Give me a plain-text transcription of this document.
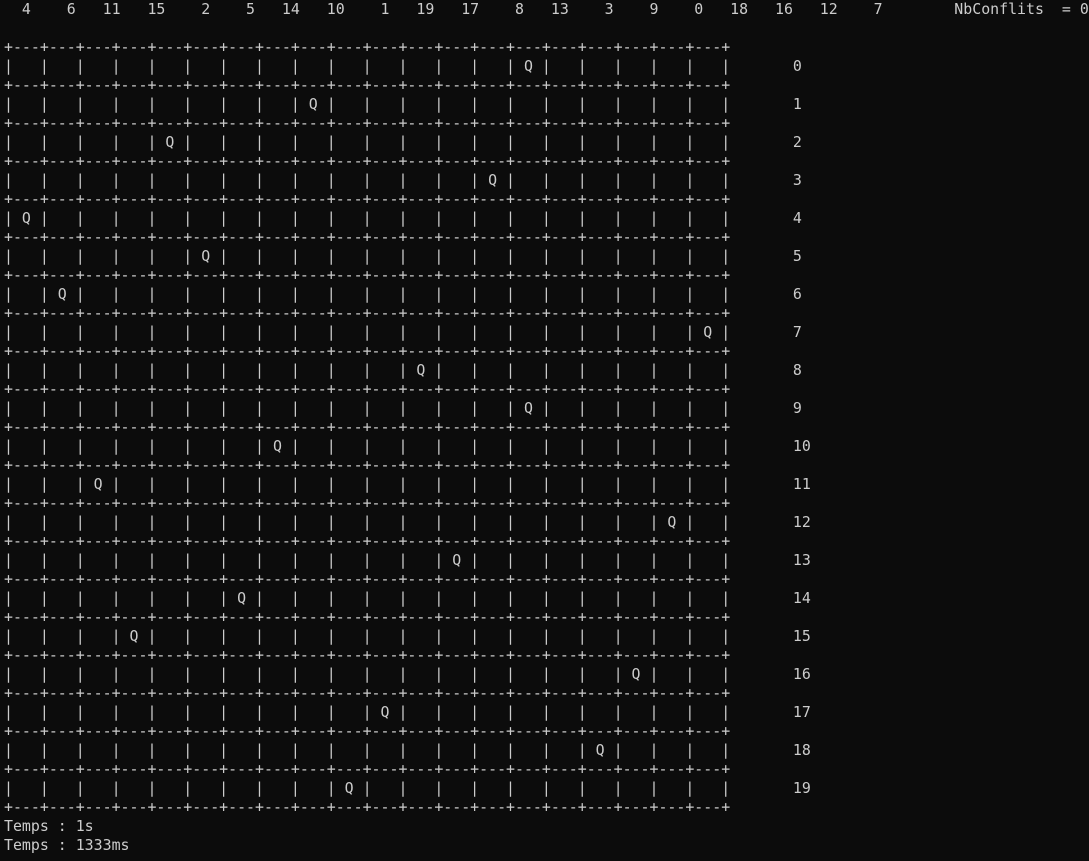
4    6   11   15    2    5   14   10    1   19   17    8   13    3    9    0   18   16   12    7        NbConflits = 0

+---+---+---+---+---+---+---+---+---+---+---+---+---+---+---+---+---+---+---+---+
|   |   |   |   |   |   |   |   |   |   |   |   |   |   | Q |   |   |   |   |   |       0
+---+---+---+---+---+---+---+---+---+---+---+---+---+---+---+---+---+---+---+---+
|   |   |   |   |   |   |   |   | Q |   |   |   |   |   |   |   |   |   |   |   |       1
+---+---+---+---+---+---+---+---+---+---+---+---+---+---+---+---+---+---+---+---+
|   |   |   |   | Q |   |   |   |   |   |   |   |   |   |   |   |   |   |   |   |       2
+---+---+---+---+---+---+---+---+---+---+---+---+---+---+---+---+---+---+---+---+
|   |   |   |   |   |   |   |   |   |   |   |   |   | Q |   |   |   |   |   |   |       3
+---+---+---+---+---+---+---+---+---+---+---+---+---+---+---+---+---+---+---+---+
| Q |   |   |   |   |   |   |   |   |   |   |   |   |   |   |   |   |   |   |   |       4
+---+---+---+---+---+---+---+---+---+---+---+---+---+---+---+---+---+---+---+---+
|   |   |   |   |   | Q |   |   |   |   |   |   |   |   |   |   |   |   |   |   |       5
+---+---+---+---+---+---+---+---+---+---+---+---+---+---+---+---+---+---+---+---+
|   | Q |   |   |   |   |   |   |   |   |   |   |   |   |   |   |   |   |   |   |       6
+---+---+---+---+---+---+---+---+---+---+---+---+---+---+---+---+---+---+---+---+
|   |   |   |   |   |   |   |   |   |   |   |   |   |   |   |   |   |   |   | Q |       7
+---+---+---+---+---+---+---+---+---+---+---+---+---+---+---+---+---+---+---+---+
|   |   |   |   |   |   |   |   |   |   |   | Q |   |   |   |   |   |   |   |   |       8
+---+---+---+---+---+---+---+---+---+---+---+---+---+---+---+---+---+---+---+---+
|   |   |   |   |   |   |   |   |   |   |   |   |   |   | Q |   |   |   |   |   |       9
+---+---+---+---+---+---+---+---+---+---+---+---+---+---+---+---+---+---+---+---+
|   |   |   |   |   |   |   | Q |   |   |   |   |   |   |   |   |   |   |   |   |       10
+---+---+---+---+---+---+---+---+---+---+---+---+---+---+---+---+---+---+---+---+
|   |   | Q |   |   |   |   |   |   |   |   |   |   |   |   |   |   |   |   |   |       11
+---+---+---+---+---+---+---+---+---+---+---+---+---+---+---+---+---+---+---+---+
|   |   |   |   |   |   |   |   |   |   |   |   |   |   |   |   |   |   | Q |   |       12
+---+---+---+---+---+---+---+---+---+---+---+---+---+---+---+---+---+---+---+---+
|   |   |   |   |   |   |   |   |   |   |   |   | Q |   |   |   |   |   |   |   |       13
+---+---+---+---+---+---+---+---+---+---+---+---+---+---+---+---+---+---+---+---+
|   |   |   |   |   |   | Q |   |   |   |   |   |   |   |   |   |   |   |   |   |       14
+---+---+---+---+---+---+---+---+---+---+---+---+---+---+---+---+---+---+---+---+
|   |   |   | Q |   |   |   |   |   |   |   |   |   |   |   |   |   |   |   |   |       15
+---+---+---+---+---+---+---+---+---+---+---+---+---+---+---+---+---+---+---+---+
|   |   |   |   |   |   |   |   |   |   |   |   |   |   |   |   |   | Q |   |   |       16
+---+---+---+---+---+---+---+---+---+---+---+---+---+---+---+---+---+---+---+---+
|   |   |   |   |   |   |   |   |   |   | Q |   |   |   |   |   |   |   |   |   |       17
+---+---+---+---+---+---+---+---+---+---+---+---+---+---+---+---+---+---+---+---+
|   |   |   |   |   |   |   |   |   |   |   |   |   |   |   |   | Q |   |   |   |       18
+---+---+---+---+---+---+---+---+---+---+---+---+---+---+---+---+---+---+---+---+
|   |   |   |   |   |   |   |   |   | Q |   |   |   |   |   |   |   |   |   |   |       19
+---+---+---+---+---+---+---+---+---+---+---+---+---+---+---+---+---+---+---+---+
Temps : 1s
Temps : 1333ms
